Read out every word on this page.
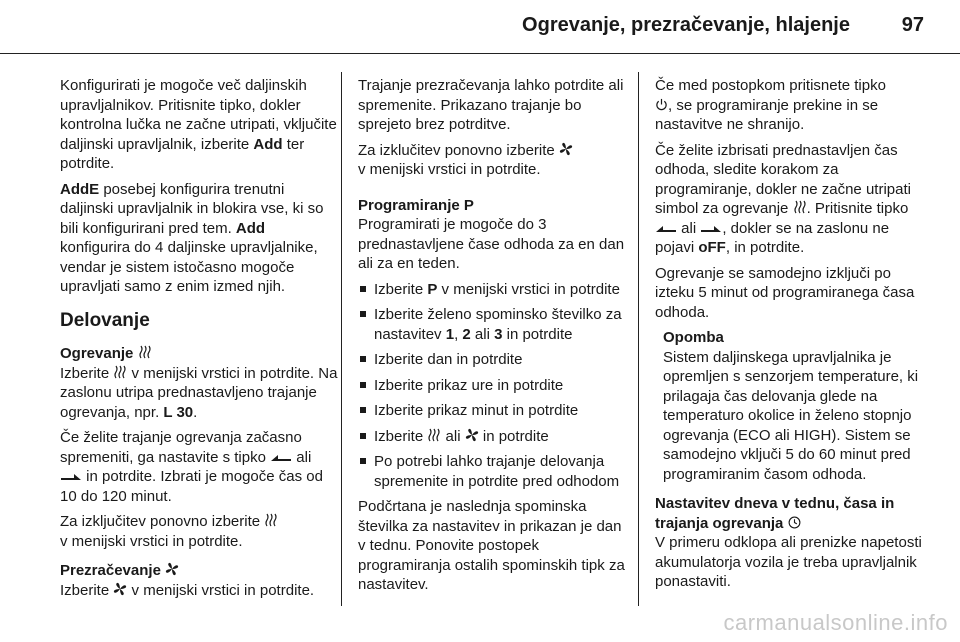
Ogrevanje, prezračevanje, hlajenje	97

Konfigurirati je mogoče več daljinskih upravljalnikov. Pritisnite tipko, dokler kontrolna lučka ne začne utripati, vključite daljinski upravljalnik, izberite Add ter potrdite.

AddE posebej konfigurira trenutni daljinski upravljalnik in blokira vse, ki so bili konfigurirani pred tem. Add konfigurira do 4 daljinske upravljalnike, vendar je sistem istočasno mogoče upravljati samo z enim izmed njih.

Delovanje
Ogrevanje

Izberite  v menijski vrstici in potrdite. Na zaslonu utripa prednastavljeno trajanje ogrevanja, npr. L 30.

Če želite trajanje ogrevanja začasno spremeniti, ga nastavite s tipko  ali
in potrdite. Izbrati je mogoče čas od 10 do 120 minut.

Za izključitev ponovno izberite
v menijski vrstici in potrdite.

Prezračevanje

Izberite  v menijski vrstici in potrdite.

Trajanje prezračevanja lahko potrdite ali spremenite. Prikazano trajanje bo sprejeto brez potrditve.

Za izklučitev ponovno izberite
v menijski vrstici in potrdite.

Programiranje P

Programirati je mogoče do 3 prednastavljene čase odhoda za en dan ali za en teden.

Izberite P v menijski vrstici in potrdite
Izberite želeno spominsko številko za nastavitev 1, 2 ali 3 in potrdite
Izberite dan in potrdite
Izberite prikaz ure in potrdite
Izberite prikaz minut in potrdite
Izberite  ali  in potrdite
Po potrebi lahko trajanje delovanja spremenite in potrdite pred odhodom

Podčrtana je naslednja spominska številka za nastavitev in prikazan je dan v tednu. Ponovite postopek programiranja ostalih spominskih tipk za nastavitev.

Če med postopkom pritisnete tipko
, se programiranje prekine in se nastavitve ne shranijo.

Če želite izbrisati prednastavljen čas odhoda, sledite korakom za programiranje, dokler ne začne utripati simbol za ogrevanje . Pritisnite tipko  ali , dokler se na zaslonu ne pojavi oFF, in potrdite.

Ogrevanje se samodejno izklјuči po izteku 5 minut od programiranega časa odhoda.

Opomba
Sistem daljinskega upravljalnika je opremljen s senzorjem temperature, ki prilagaja čas delovanja glede na temperaturo okolice in želeno stopnjo ogrevanja (ECO ali HIGH). Sistem se samodejno vključi 5 do 60 minut pred programiranim časom odhoda.
Nastavitev dneva v tednu, časa in trajanja ogrevanja

V primeru odklopa ali prenizke napetosti akumulatorja vozila je treba upravljalnik ponastaviti.

carmanualsonline.info
